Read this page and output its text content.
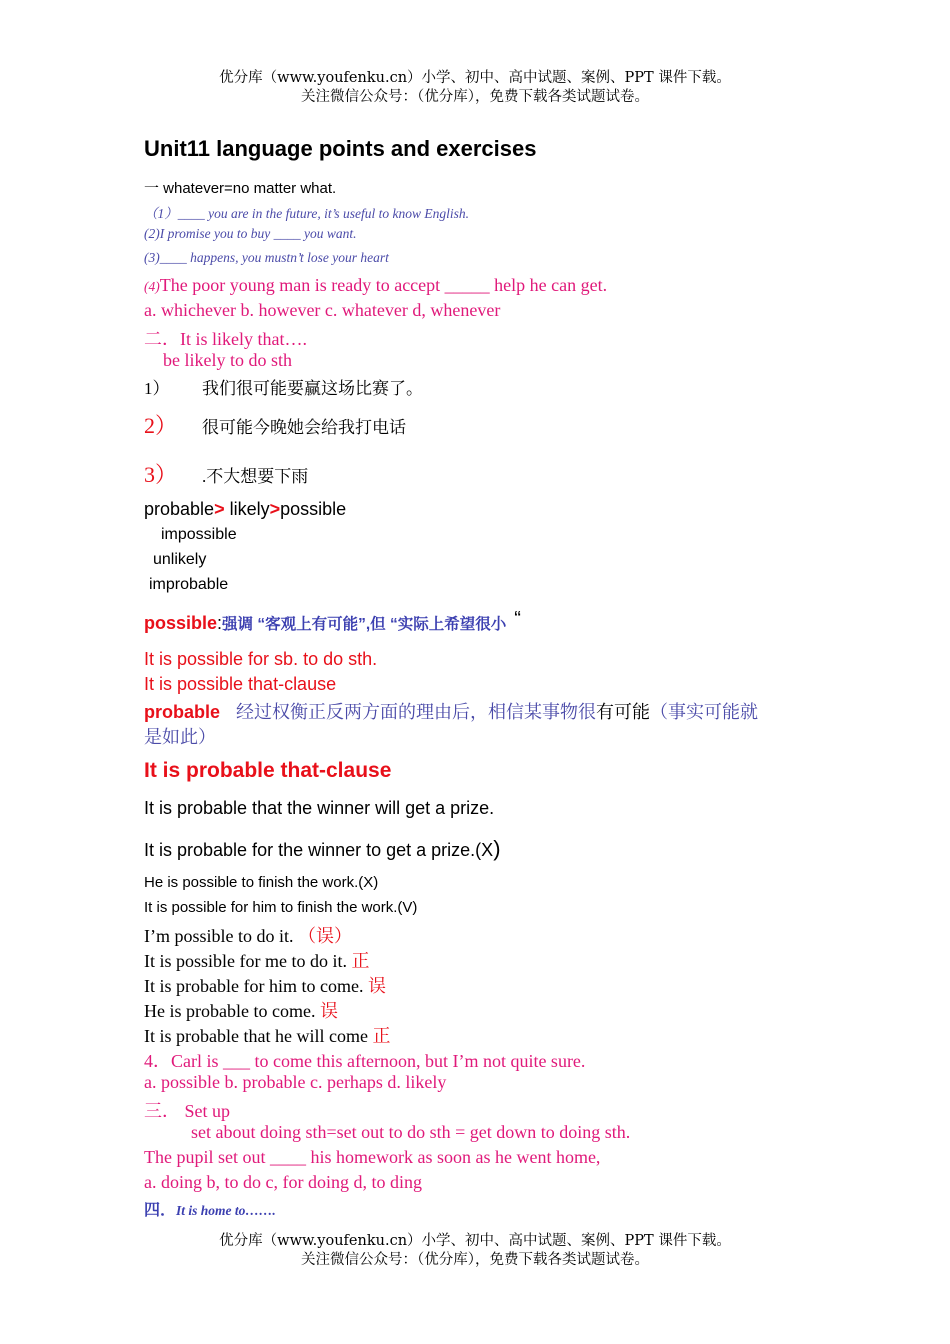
优分库（www.youfenku.cn）小学、初中、高中试题、案例、PPT 课件下载。
关注微信公众号：（优分库），免费下载各类试题试卷。
Unit11 language points and exercises
一 whatever=no matter what.
（1）____ you are in the future, it’s useful to know English.
(2)I promise you to buy ____ you want.
(3)____ happens, you mustn’t lose your heart
(4)The poor young man is ready to accept _____ help he can get.
a. whichever b. however c. whatever d, whenever
二．It is likely that….
be likely to do sth
1） 我们很可能要赢这场比赛了。
2） 很可能今晚她会给我打电话
3） .不大想要下雨
probable> likely>possible
impossible
unlikely
improbable
possible:强调 “客观上有可能”,但 “实际上希望很小 “
It is possible for sb. to do sth.
It is possible that-clause
probable 经过权衡正反两方面的理由后，相信某事物很有可能（事实可能就
是如此）
It is probable that-clause
It is probable that the winner will get a prize.
It is probable for the winner to get a prize.(X)
He is possible to finish the work.(X)
It is possible for him to finish the work.(V)
I’m possible to do it. （误）
It is possible for me to do it. 正
It is probable for him to come. 误
He is probable to come. 误
It is probable that he will come 正
4．Carl is ___ to come this afternoon, but I’m not quite sure.
a. possible b. probable c. perhaps d. likely
三． Set up
set about doing sth=set out to do sth = get down to doing sth.
The pupil set out ____ his homework as soon as he went home,
a. doing b, to do c, for doing d, to ding
四．It is home to…….
优分库（www.youfenku.cn）小学、初中、高中试题、案例、PPT 课件下载。
关注微信公众号：（优分库），免费下载各类试题试卷。
